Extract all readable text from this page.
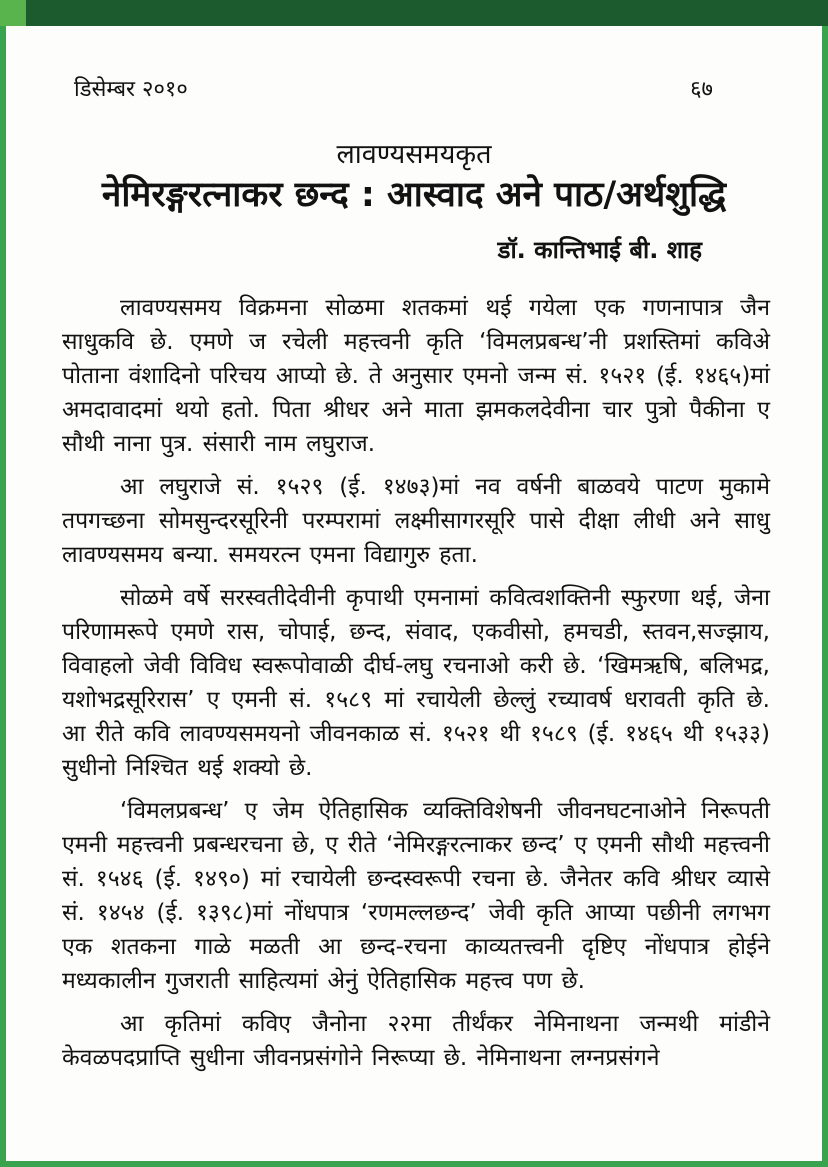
डिसेम्बर २०१०	६७
लावण्यसमयकृत
नेमिरङ्गरत्नाकर छन्द : आस्वाद अने पाठ/अर्थशुद्धि
डॉ. कान्तिभाई बी. शाह

लावण्यसमय विक्रमना सोळमा शतकमां थई गयेला एक गणनापात्र जैन साधुकवि छे. एमणे ज रचेली महत्त्वनी कृति ‘विमलप्रबन्ध’नी प्रशस्तिमां कविअे पोताना वंशादिनो परिचय आप्यो छे. ते अनुसार एमनो जन्म सं. १५२१ (ई. १४६५)मां अमदावादमां थयो हतो. पिता श्रीधर अने माता झमकलदेवीना चार पुत्रो पैकीना ए सौथी नाना पुत्र. संसारी नाम लघुराज.

आ लघुराजे सं. १५२९ (ई. १४७३)मां नव वर्षनी बाळवये पाटण मुकामे तपगच्छना सोमसुन्दरसूरिनी परम्परामां लक्ष्मीसागरसूरि पासे दीक्षा लीधी अने साधु लावण्यसमय बन्या. समयरत्न एमना विद्यागुरु हता.

सोळमे वर्षे सरस्वतीदेवीनी कृपाथी एमनामां कवित्वशक्तिनी स्फुरणा थई, जेना परिणामरूपे एमणे रास, चोपाई, छन्द, संवाद, एकवीसो, हमचडी, स्तवन,सज्झाय, विवाहलो जेवी विविध स्वरूपोवाळी दीर्घ-लघु रचनाओ करी छे. ‘खिमऋषि, बलिभद्र, यशोभद्रसूरिरास’ ए एमनी सं. १५८९ मां रचायेली छेल्लुं रच्यावर्ष धरावती कृति छे. आ रीते कवि लावण्यसमयनो जीवनकाळ सं. १५२१ थी १५८९ (ई. १४६५ थी १५३३) सुधीनो निश्चित थई शक्यो छे.

‘विमलप्रबन्ध’ ए जेम ऐतिहासिक व्यक्तिविशेषनी जीवनघटनाओने निरूपती एमनी महत्त्वनी प्रबन्धरचना छे, ए रीते ‘नेमिरङ्गरत्नाकर छन्द’ ए एमनी सौथी महत्त्वनी सं. १५४६ (ई. १४९०) मां रचायेली छन्दस्वरूपी रचना छे. जैनेतर कवि श्रीधर व्यासे सं. १४५४ (ई. १३९८)मां नोंधपात्र ‘रणमल्लछन्द’ जेवी कृति आप्या पछीनी लगभग एक शतकना गाळे मळती आ छन्द-रचना काव्यतत्त्वनी दृष्टिए नोंधपात्र होईने मध्यकालीन गुजराती साहित्यमां अेनुं ऐतिहासिक महत्त्व पण छे.

आ कृतिमां कविए जैनोना २२मा तीर्थंकर नेमिनाथना जन्मथी मांडीने केवळपदप्राप्ति सुधीना जीवनप्रसंगोने निरूप्या छे. नेमिनाथना लग्नप्रसंगने
